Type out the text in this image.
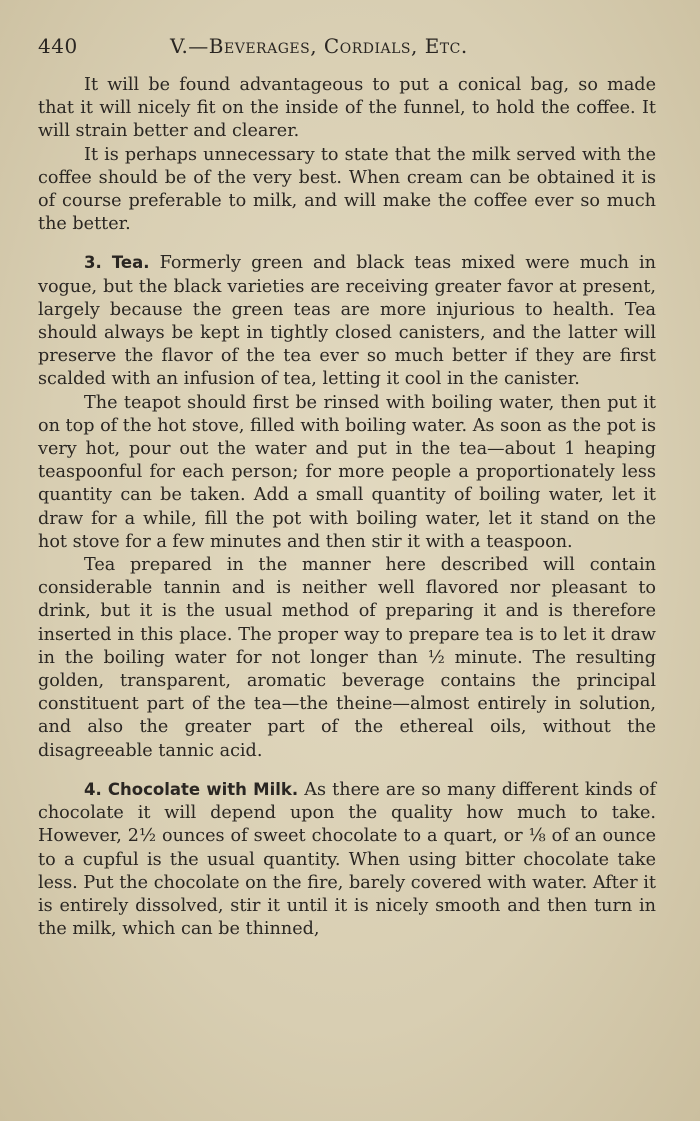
440	V.—Beverages, Cordials, Etc.

It will be found advantageous to put a conical bag, so made that it will nicely fit on the inside of the funnel, to hold the coffee. It will strain better and clearer.

It is perhaps unnecessary to state that the milk served with the coffee should be of the very best. When cream can be obtained it is of course preferable to milk, and will make the coffee ever so much the better.

3. Tea. Formerly green and black teas mixed were much in vogue, but the black varieties are receiving greater favor at present, largely because the green teas are more injurious to health. Tea should always be kept in tightly closed canisters, and the latter will preserve the flavor of the tea ever so much better if they are first scalded with an infusion of tea, letting it cool in the canister.

The teapot should first be rinsed with boiling water, then put it on top of the hot stove, filled with boiling water. As soon as the pot is very hot, pour out the water and put in the tea—about 1 heaping teaspoonful for each person; for more people a proportionately less quantity can be taken. Add a small quantity of boiling water, let it draw for a while, fill the pot with boiling water, let it stand on the hot stove for a few minutes and then stir it with a teaspoon.

Tea prepared in the manner here described will contain considerable tannin and is neither well flavored nor pleasant to drink, but it is the usual method of preparing it and is therefore inserted in this place. The proper way to prepare tea is to let it draw in the boiling water for not longer than ½ minute. The resulting golden, transparent, aromatic beverage contains the principal constituent part of the tea—the theine—almost entirely in solution, and also the greater part of the ethereal oils, without the disagreeable tannic acid.

4. Chocolate with Milk. As there are so many different kinds of chocolate it will depend upon the quality how much to take. However, 2½ ounces of sweet chocolate to a quart, or ⅛ of an ounce to a cupful is the usual quantity. When using bitter chocolate take less. Put the chocolate on the fire, barely covered with water. After it is entirely dissolved, stir it until it is nicely smooth and then turn in the milk, which can be thinned,
